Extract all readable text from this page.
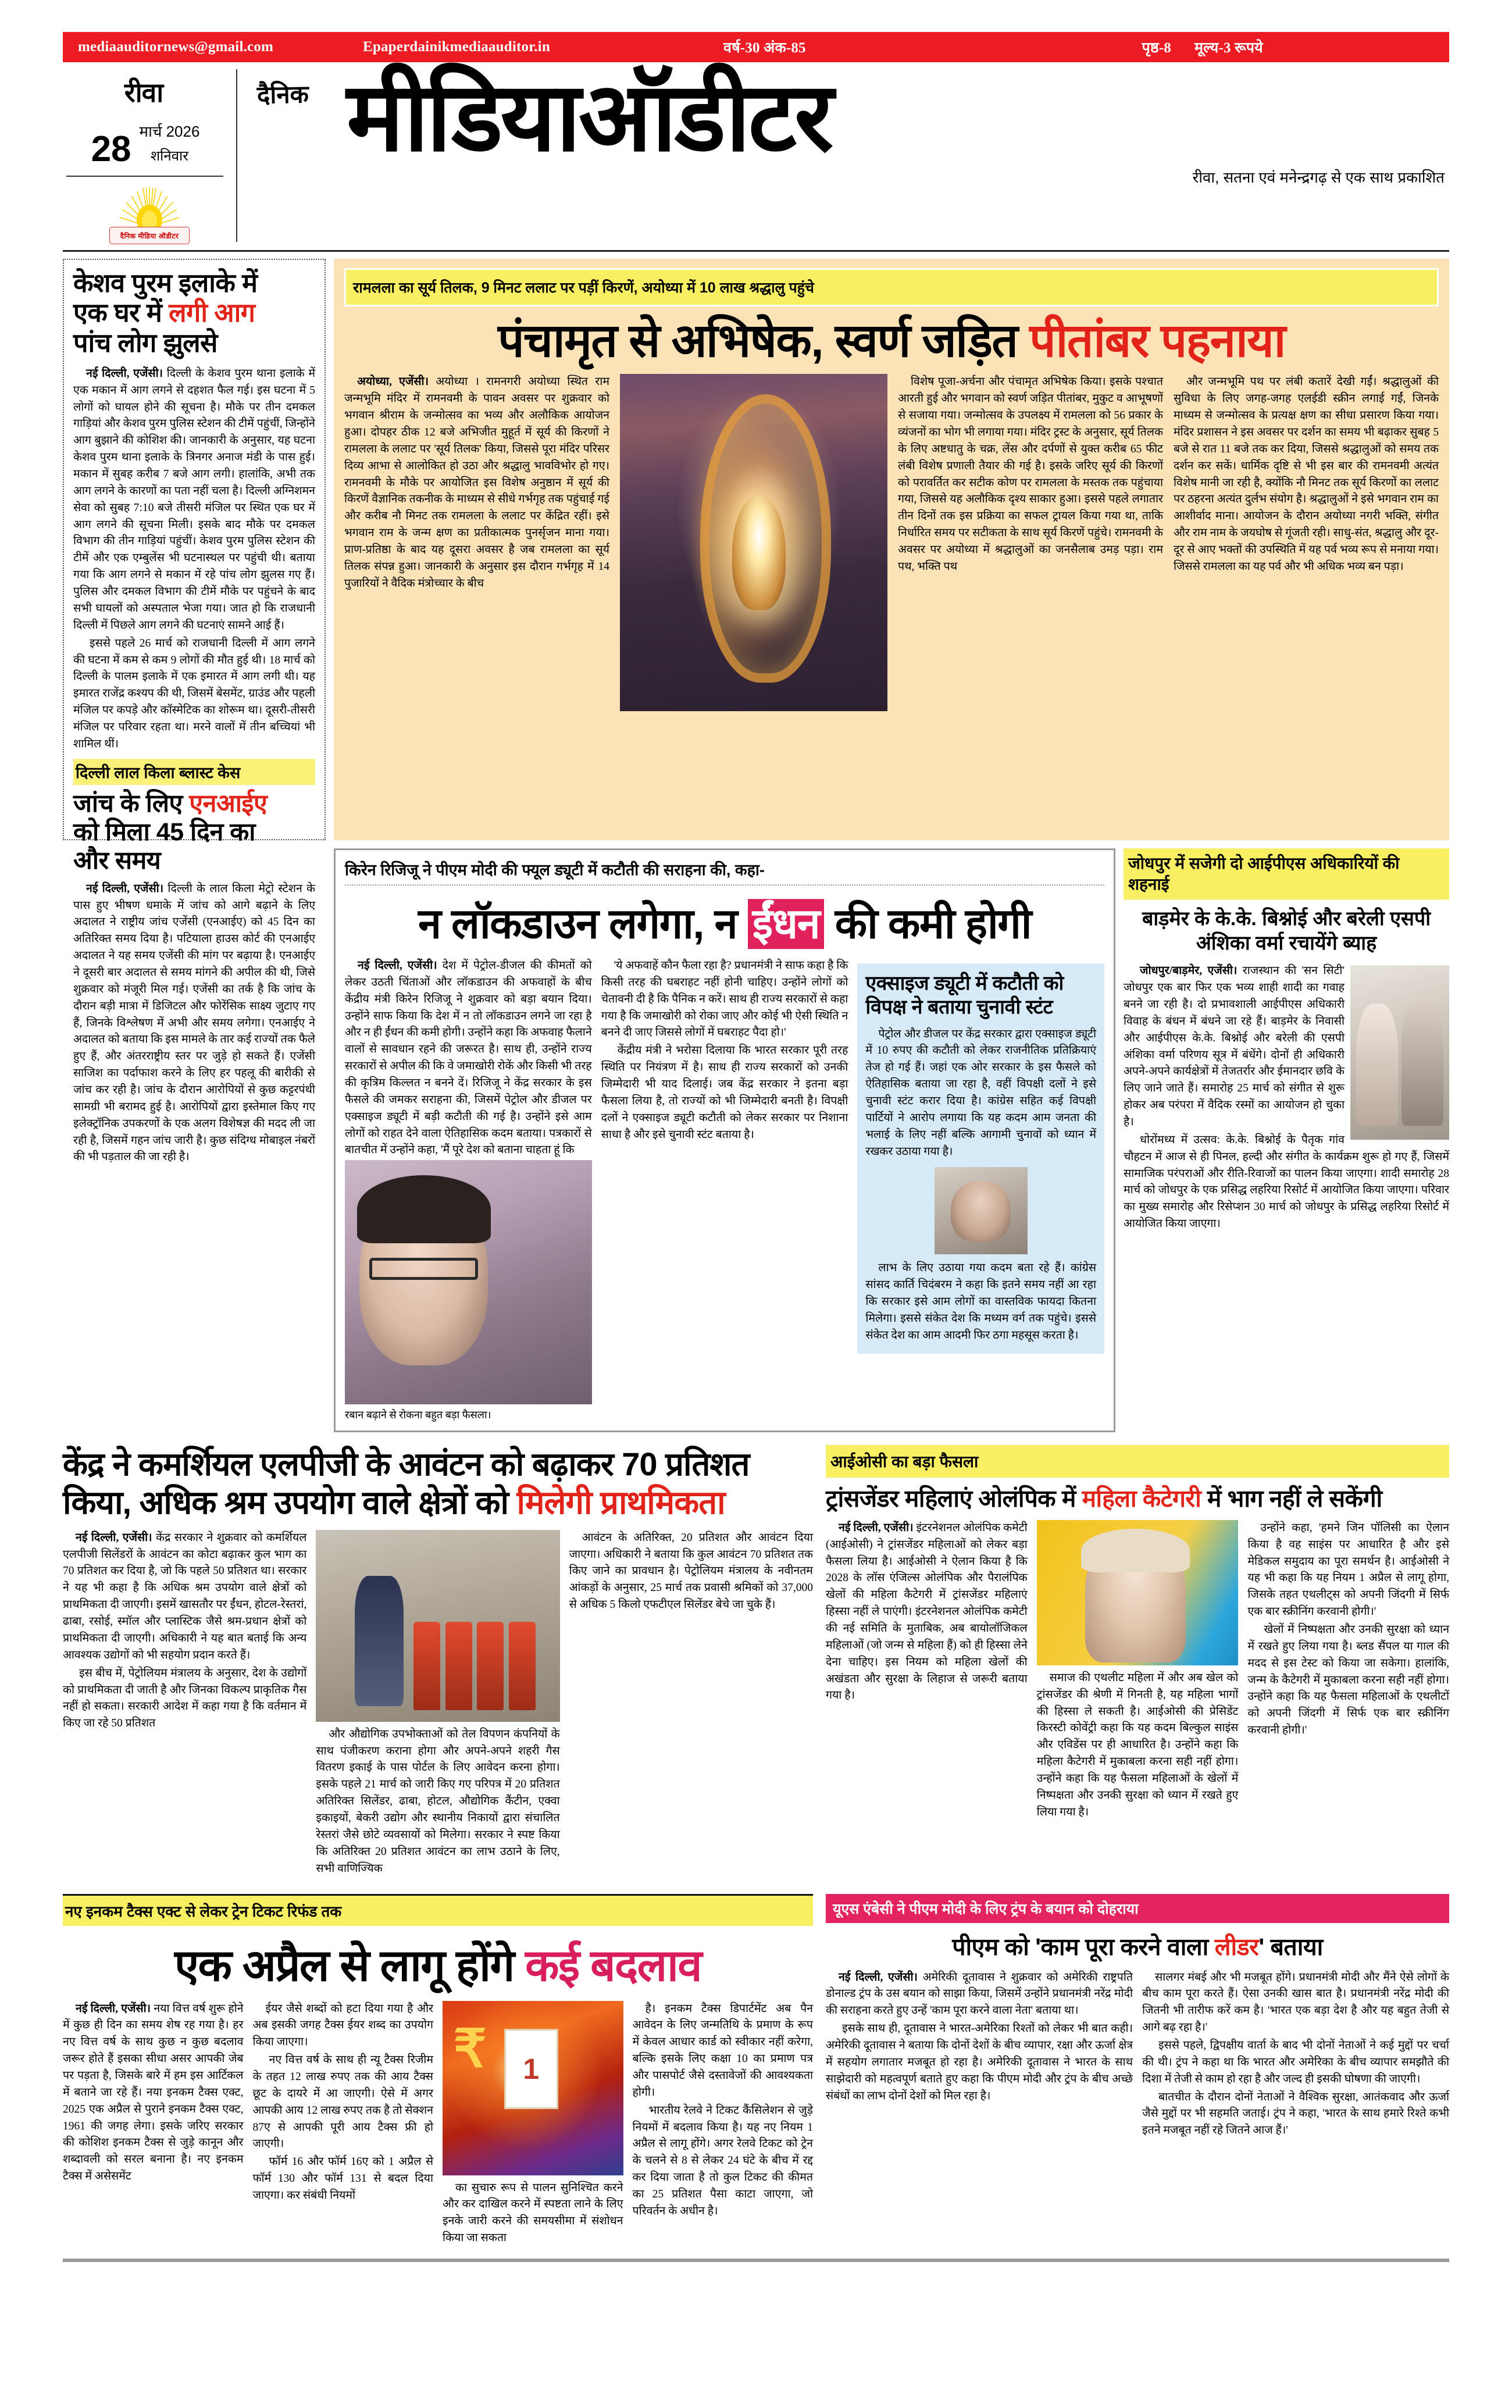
mediaauditornews@gmail.com	Epaperdainikmediaauditor.in	वर्ष-30 अंक-85	पृष्ठ-8 मूल्य-3 रूपये
रीवा
28 मार्च 2026
शनिवार
दैनिक मीडिया ऑडीटर
दैनिक मीडियाऑडीटर
रीवा, सतना एवं मनेन्द्रगढ़ से एक साथ प्रकाशित
केशव पुरम इलाके में
एक घर में लगी आग
पांच लोग झुलसे

नई दिल्ली, एजेंसी। दिल्ली के केशव पुरम थाना इलाके में एक मकान में आग लगने से दहशत फैल गई। इस घटना में 5 लोगों को घायल होने की सूचना है। मौके पर तीन दमकल गाड़ियां और केशव पुरम पुलिस स्टेशन की टीमें पहुंचीं, जिन्होंने आग बुझाने की कोशिश की। जानकारी के अनुसार, यह घटना केशव पुरम थाना इलाके के त्रिनगर अनाज मंडी के पास हुई। मकान में सुबह करीब 7 बजे आग लगी। हालांकि, अभी तक आग लगने के कारणों का पता नहीं चला है। दिल्ली अग्निशमन सेवा को सुबह 7:10 बजे तीसरी मंजिल पर स्थित एक घर में आग लगने की सूचना मिली। इसके बाद मौके पर दमकल विभाग की तीन गाड़ियां पहुंचीं। केशव पुरम पुलिस स्टेशन की टीमें और एक एम्बुलेंस भी घटनास्थल पर पहुंची थी। बताया गया कि आग लगने से मकान में रहे पांच लोग झुलस गए हैं। पुलिस और दमकल विभाग की टीमें मौके पर पहुंचने के बाद सभी घायलों को अस्पताल भेजा गया। जात हो कि राजधानी दिल्ली में पिछले आग लगने की घटनाएं सामने आई हैं।

इससे पहले 26 मार्च को राजधानी दिल्ली में आग लगने की घटना में कम से कम 9 लोगों की मौत हुई थी। 18 मार्च को दिल्ली के पालम इलाके में एक इमारत में आग लगी थी। यह इमारत राजेंद्र कश्यप की थी, जिसमें बेसमेंट, ग्राउंड और पहली मंजिल पर कपड़े और कॉस्मेटिक का शोरूम था। दूसरी-तीसरी मंजिल पर परिवार रहता था। मरने वालों में तीन बच्चियां भी शामिल थीं।

दिल्ली लाल किला ब्लास्ट केस
जांच के लिए एनआईए
को मिला 45 दिन का
और समय

नई दिल्ली, एजेंसी। दिल्ली के लाल किला मेट्रो स्टेशन के पास हुए भीषण धमाके में जांच को आगे बढ़ाने के लिए अदालत ने राष्ट्रीय जांच एजेंसी (एनआईए) को 45 दिन का अतिरिक्त समय दिया है। पटियाला हाउस कोर्ट की एनआईए अदालत ने यह समय एजेंसी की मांग पर बढ़ाया है। एनआईए ने दूसरी बार अदालत से समय मांगने की अपील की थी, जिसे शुक्रवार को मंजूरी मिल गई। एजेंसी का तर्क है कि जांच के दौरान बड़ी मात्रा में डिजिटल और फोरेंसिक साक्ष्य जुटाए गए हैं, जिनके विश्लेषण में अभी और समय लगेगा। एनआईए ने अदालत को बताया कि इस मामले के तार कई राज्यों तक फैले हुए हैं, और अंतरराष्ट्रीय स्तर पर जुड़े हो सकते हैं। एजेंसी साजिश का पर्दाफाश करने के लिए हर पहलू की बारीकी से जांच कर रही है। जांच के दौरान आरोपियों से कुछ कट्टरपंथी सामग्री भी बरामद हुई है। आरोपियों द्वारा इस्तेमाल किए गए इलेक्ट्रॉनिक उपकरणों के एक अलग विशेषज्ञ की मदद ली जा रही है, जिसमें गहन जांच जारी है। कुछ संदिग्ध मोबाइल नंबरों की भी पड़ताल की जा रही है।

रामलला का सूर्य तिलक, 9 मिनट ललाट पर पड़ीं किरणें, अयोध्या में 10 लाख श्रद्धालु पहुंचे
पंचामृत से अभिषेक, स्वर्ण जड़ित पीतांबर पहनाया

अयोध्या, एजेंसी। अयोध्या । रामनगरी अयोध्या स्थित राम जन्मभूमि मंदिर में रामनवमी के पावन अवसर पर शुक्रवार को भगवान श्रीराम के जन्मोत्सव का भव्य और अलौकिक आयोजन हुआ। दोपहर ठीक 12 बजे अभिजीत मुहूर्त में सूर्य की किरणों ने रामलला के ललाट पर 'सूर्य तिलक' किया, जिससे पूरा मंदिर परिसर दिव्य आभा से आलोकित हो उठा और श्रद्धालु भावविभोर हो गए। रामनवमी के मौके पर आयोजित इस विशेष अनुष्ठान में सूर्य की किरणें वैज्ञानिक तकनीक के माध्यम से सीधे गर्भगृह तक पहुंचाई गई और करीब नौ मिनट तक रामलला के ललाट पर केंद्रित रहीं। इसे भगवान राम के जन्म क्षण का प्रतीकात्मक पुनर्सृजन माना गया। प्राण-प्रतिष्ठा के बाद यह दूसरा अवसर है जब रामलला का सूर्य तिलक संपन्न हुआ। जानकारी के अनुसार इस दौरान गर्भगृह में 14 पुजारियों ने वैदिक मंत्रोच्चार के बीच

विशेष पूजा-अर्चना और पंचामृत अभिषेक किया। इसके पश्चात आरती हुई और भगवान को स्वर्ण जड़ित पीतांबर, मुकुट व आभूषणों से सजाया गया। जन्मोत्सव के उपलक्ष्य में रामलला को 56 प्रकार के व्यंजनों का भोग भी लगाया गया। मंदिर ट्रस्ट के अनुसार, सूर्य तिलक के लिए अष्टधातु के चक्र, लेंस और दर्पणों से युक्त करीब 65 फीट लंबी विशेष प्रणाली तैयार की गई है। इसके जरिए सूर्य की किरणों को परावर्तित कर सटीक कोण पर रामलला के मस्तक तक पहुंचाया गया, जिससे यह अलौकिक दृश्य साकार हुआ। इससे पहले लगातार तीन दिनों तक इस प्रक्रिया का सफल ट्रायल किया गया था, ताकि निर्धारित समय पर सटीकता के साथ सूर्य किरणें पहुंचे। रामनवमी के अवसर पर अयोध्या में श्रद्धालुओं का जनसैलाब उमड़ पड़ा। राम पथ, भक्ति पथ

और जन्मभूमि पथ पर लंबी कतारें देखी गईं। श्रद्धालुओं की सुविधा के लिए जगह-जगह एलईडी स्क्रीन लगाई गईं, जिनके माध्यम से जन्मोत्सव के प्रत्यक्ष क्षण का सीधा प्रसारण किया गया। मंदिर प्रशासन ने इस अवसर पर दर्शन का समय भी बढ़ाकर सुबह 5 बजे से रात 11 बजे तक कर दिया, जिससे श्रद्धालुओं को समय तक दर्शन कर सकें। धार्मिक दृष्टि से भी इस बार की रामनवमी अत्यंत विशेष मानी जा रही है, क्योंकि नौ मिनट तक सूर्य किरणों का ललाट पर ठहरना अत्यंत दुर्लभ संयोग है। श्रद्धालुओं ने इसे भगवान राम का आशीर्वाद माना। आयोजन के दौरान अयोध्या नगरी भक्ति, संगीत और राम नाम के जयघोष से गूंजती रही। साधु-संत, श्रद्धालु और दूर-दूर से आए भक्तों की उपस्थिति में यह पर्व भव्य रूप से मनाया गया। जिससे रामलला का यह पर्व और भी अधिक भव्य बन पड़ा।

किरेन रिजिजू ने पीएम मोदी की फ्यूल ड्यूटी में कटौती की सराहना की, कहा-
न लॉकडाउन लगेगा, न ईंधन की कमी होगी

नई दिल्ली, एजेंसी। देश में पेट्रोल-डीजल की कीमतों को लेकर उठती चिंताओं और लॉकडाउन की अफवाहों के बीच केंद्रीय मंत्री किरेन रिजिजू ने शुक्रवार को बड़ा बयान दिया। उन्होंने साफ किया कि देश में न तो लॉकडाउन लगने जा रहा है और न ही ईंधन की कमी होगी। उन्होंने कहा कि अफवाह फैलाने वालों से सावधान रहने की जरूरत है। साथ ही, उन्होंने राज्य सरकारों से अपील की कि वे जमाखोरी रोकें और किसी भी तरह की कृत्रिम किल्लत न बनने दें। रिजिजू ने केंद्र सरकार के इस फैसले की जमकर सराहना की, जिसमें पेट्रोल और डीजल पर एक्साइज ड्यूटी में बड़ी कटौती की गई है। उन्होंने इसे आम लोगों को राहत देने वाला ऐतिहासिक कदम बताया। पत्रकारों से बातचीत में उन्होंने कहा, 'मैं पूरे देश को बताना चाहता हूं कि

रबान बढ़ाने से रोकना बहुत बड़ा फैसला।

'ये अफवाहें कौन फैला रहा है? प्रधानमंत्री ने साफ कहा है कि किसी तरह की घबराहट नहीं होनी चाहिए। उन्होंने लोगों को चेतावनी दी है कि पैनिक न करें। साथ ही राज्य सरकारों से कहा गया है कि जमाखोरी को रोका जाए और कोई भी ऐसी स्थिति न बनने दी जाए जिससे लोगों में घबराहट पैदा हो।'

केंद्रीय मंत्री ने भरोसा दिलाया कि भारत सरकार पूरी तरह स्थिति पर नियंत्रण में है। साथ ही राज्य सरकारों को उनकी जिम्मेदारी भी याद दिलाई। जब केंद्र सरकार ने इतना बड़ा फैसला लिया है, तो राज्यों को भी जिम्मेदारी बनती है। विपक्षी दलों ने एक्साइज ड्यूटी कटौती को लेकर सरकार पर निशाना साधा है और इसे चुनावी स्टंट बताया है।

एक्साइज ड्यूटी में कटौती को विपक्ष ने बताया चुनावी स्टंट

पेट्रोल और डीजल पर केंद्र सरकार द्वारा एक्साइज ड्यूटी में 10 रुपए की कटौती को लेकर राजनीतिक प्रतिक्रियाएं तेज हो गई हैं। जहां एक ओर सरकार के इस फैसले को ऐतिहासिक बताया जा रहा है, वहीं विपक्षी दलों ने इसे चुनावी स्टंट करार दिया है। कांग्रेस सहित कई विपक्षी पार्टियों ने आरोप लगाया कि यह कदम आम जनता की भलाई के लिए नहीं बल्कि आगामी चुनावों को ध्यान में रखकर उठाया गया है।

लाभ के लिए उठाया गया कदम बता रहे हैं। कांग्रेस सांसद कार्ति चिदंबरम ने कहा कि इतने समय नहीं आ रहा कि सरकार इसे आम लोगों का वास्तविक फायदा कितना मिलेगा। इससे संकेत देश कि मध्यम वर्ग तक पहुंचे। इससे संकेत देश का आम आदमी फिर ठगा महसूस करता है।

जोधपुर में सजेगी दो आईपीएस अधिकारियों की शहनाई
बाड़मेर के के.के. बिश्नोई और बरेली एसपी अंशिका वर्मा रचायेंगे ब्याह

जोधपुर/बाड़मेर, एजेंसी। राजस्थान की 'सन सिटी' जोधपुर एक बार फिर एक भव्य शाही शादी का गवाह बनने जा रही है। दो प्रभावशाली आईपीएस अधिकारी विवाह के बंधन में बंधने जा रहे हैं। बाड़मेर के निवासी और आईपीएस के.के. बिश्नोई और बरेली की एसपी अंशिका वर्मा परिणय सूत्र में बंधेंगे। दोनों ही अधिकारी अपने-अपने कार्यक्षेत्रों में तेजतर्रार और ईमानदार छवि के लिए जाने जाते हैं। समारोह 25 मार्च को संगीत से शुरू होकर अब परंपरा में वैदिक रस्मों का आयोजन हो चुका है।

धोरोंमध्य में उत्सव: के.के. बिश्नोई के पैतृक गांव चौहटन में आज से ही पिनल, हल्दी और संगीत के कार्यक्रम शुरू हो गए हैं, जिसमें सामाजिक परंपराओं और रीति-रिवाजों का पालन किया जाएगा। शादी समारोह 28 मार्च को जोधपुर के एक प्रसिद्ध लहरिया रिसोर्ट में आयोजित किया जाएगा। परिवार का मुख्य समारोह और रिसेप्शन 30 मार्च को जोधपुर के प्रसिद्ध लहरिया रिसोर्ट में आयोजित किया जाएगा।

केंद्र ने कमर्शियल एलपीजी के आवंटन को बढ़ाकर 70 प्रतिशत किया, अधिक श्रम उपयोग वाले क्षेत्रों को मिलेगी प्राथमिकता

नई दिल्ली, एजेंसी। केंद्र सरकार ने शुक्रवार को कमर्शियल एलपीजी सिलेंडरों के आवंटन का कोटा बढ़ाकर कुल भाग का 70 प्रतिशत कर दिया है, जो कि पहले 50 प्रतिशत था। सरकार ने यह भी कहा है कि अधिक श्रम उपयोग वाले क्षेत्रों को प्राथमिकता दी जाएगी। इसमें खासतौर पर ईंधन, होटल-रेस्तरां, ढाबा, रसोई, स्मॉल और प्लास्टिक जैसे श्रम-प्रधान क्षेत्रों को प्राथमिकता दी जाएगी। अधिकारी ने यह बात बताई कि अन्य आवश्यक उद्योगों को भी सहयोग प्रदान करते हैं।

इस बीच में, पेट्रोलियम मंत्रालय के अनुसार, देश के उद्योगों को प्राथमिकता दी जाती है और जिनका विकल्प प्राकृतिक गैस नहीं हो सकता। सरकारी आदेश में कहा गया है कि वर्तमान में किए जा रहे 50 प्रतिशत

और औद्योगिक उपभोक्ताओं को तेल विपणन कंपनियों के साथ पंजीकरण कराना होगा और अपने-अपने शहरी गैस वितरण इकाई के पास पोर्टल के लिए आवेदन करना होगा। इसके पहले 21 मार्च को जारी किए गए परिपत्र में 20 प्रतिशत अतिरिक्त सिलेंडर, ढाबा, होटल, औद्योगिक कैंटीन, एक्वा इकाइयों, बेकरी उद्योग और स्थानीय निकायों द्वारा संचालित रेस्तरां जैसे छोटे व्यवसायों को मिलेगा। सरकार ने स्पष्ट किया कि अतिरिक्त 20 प्रतिशत आवंटन का लाभ उठाने के लिए, सभी वाणिज्यिक

आवंटन के अतिरिक्त, 20 प्रतिशत और आवंटन दिया जाएगा। अधिकारी ने बताया कि कुल आवंटन 70 प्रतिशत तक किए जाने का प्रावधान है। पेट्रोलियम मंत्रालय के नवीनतम आंकड़ों के अनुसार, 25 मार्च तक प्रवासी श्रमिकों को 37,000 से अधिक 5 किलो एफटीएल सिलेंडर बेचे जा चुके हैं।

आईओसी का बड़ा फैसला
ट्रांसजेंडर महिलाएं ओलंपिक में महिला कैटेगरी में भाग नहीं ले सकेंगी

नई दिल्ली, एजेंसी। इंटरनेशनल ओलंपिक कमेटी (आईओसी) ने ट्रांसजेंडर महिलाओं को लेकर बड़ा फैसला लिया है। आईओसी ने ऐलान किया है कि 2028 के लॉस एंजिल्स ओलंपिक और पैरालंपिक खेलों की महिला कैटेगरी में ट्रांसजेंडर महिलाएं हिस्सा नहीं ले पाएंगी। इंटरनेशनल ओलंपिक कमेटी की नई समिति के मुताबिक, अब बायोलॉजिकल महिलाओं (जो जन्म से महिला हैं) को ही हिस्सा लेने देना चाहिए। इस नियम को महिला खेलों की अखंडता और सुरक्षा के लिहाज से जरूरी बताया गया है।

समाज की एथलीट महिला में और अब खेल को ट्रांसजेंडर की श्रेणी में गिनती है, यह महिला भागों की हिस्सा ले सकती है। आईओसी की प्रेसिडेंट किरस्टी कोवेंट्री कहा कि यह कदम बिल्कुल साइंस और एविडेंस पर ही आधारित है। उन्होंने कहा कि महिला कैटेगरी में मुकाबला करना सही नहीं होगा। उन्होंने कहा कि यह फैसला महिलाओं के खेलों में निष्पक्षता और उनकी सुरक्षा को ध्यान में रखते हुए लिया गया है।

उन्होंने कहा, 'हमने जिन पॉलिसी का ऐलान किया है वह साइंस पर आधारित है और इसे मेडिकल समुदाय का पूरा समर्थन है। आईओसी ने यह भी कहा कि यह नियम 1 अप्रैल से लागू होगा, जिसके तहत एथलीट्स को अपनी जिंदगी में सिर्फ एक बार स्क्रीनिंग करवानी होगी।'

खेलों में निष्पक्षता और उनकी सुरक्षा को ध्यान में रखते हुए लिया गया है। ब्लड सैंपल या गाल की मदद से इस टेस्ट को किया जा सकेगा। हालांकि, जन्म के कैटेगरी में मुकाबला करना सही नहीं होगा। उन्होंने कहा कि यह फैसला महिलाओं के एथलीटों को अपनी जिंदगी में सिर्फ एक बार स्क्रीनिंग करवानी होगी।'

नए इनकम टैक्स एक्ट से लेकर ट्रेन टिकट रिफंड तक
एक अप्रैल से लागू होंगे कई बदलाव

नई दिल्ली, एजेंसी। नया वित्त वर्ष शुरू होने में कुछ ही दिन का समय शेष रह गया है। हर नए वित्त वर्ष के साथ कुछ न कुछ बदलाव जरूर होते हैं इसका सीधा असर आपकी जेब पर पड़ता है, जिसके बारे में हम इस आर्टिकल में बताने जा रहे हैं। नया इनकम टैक्स एक्ट, 2025 एक अप्रैल से पुराने इनकम टैक्स एक्ट, 1961 की जगह लेगा। इसके जरिए सरकार की कोशिश इनकम टैक्स से जुड़े कानून और शब्दावली को सरल बनाना है। नए इनकम टैक्स में असेसमेंट

ईयर जैसे शब्दों को हटा दिया गया है और अब इसकी जगह टैक्स ईयर शब्द का उपयोग किया जाएगा।

नए वित्त वर्ष के साथ ही न्यू टैक्स रिजीम के तहत 12 लाख रुपए तक की आय टैक्स छूट के दायरे में आ जाएगी। ऐसे में अगर आपकी आय 12 लाख रुपए तक है तो सेक्शन 87ए से आपकी पूरी आय टैक्स फ्री हो जाएगी।

फॉर्म 16 और फॉर्म 16ए को 1 अप्रैल से फॉर्म 130 और फॉर्म 131 से बदल दिया जाएगा। कर संबंधी नियमों

₹	1

का सुचारु रूप से पालन सुनिश्चित करने और कर दाखिल करने में स्पष्टता लाने के लिए इनके जारी करने की समयसीमा में संशोधन किया जा सकता

है। इनकम टैक्स डिपार्टमेंट अब पैन आवेदन के लिए जन्मतिथि के प्रमाण के रूप में केवल आधार कार्ड को स्वीकार नहीं करेगा, बल्कि इसके लिए कक्षा 10 का प्रमाण पत्र और पासपोर्ट जैसे दस्तावेजों की आवश्यकता होगी।

भारतीय रेलवे ने टिकट कैंसिलेशन से जुड़े नियमों में बदलाव किया है। यह नए नियम 1 अप्रैल से लागू होंगे। अगर रेलवे टिकट को ट्रेन के चलने से 8 से लेकर 24 घंटे के बीच में रद्द कर दिया जाता है तो कुल टिकट की कीमत का 25 प्रतिशत पैसा काटा जाएगा, जो परिवर्तन के अधीन है।

यूएस एंबेसी ने पीएम मोदी के लिए ट्रंप के बयान को दोहराया
पीएम को 'काम पूरा करने वाला लीडर' बताया

नई दिल्ली, एजेंसी। अमेरिकी दूतावास ने शुक्रवार को अमेरिकी राष्ट्रपति डोनाल्ड ट्रंप के उस बयान को साझा किया, जिसमें उन्होंने प्रधानमंत्री नरेंद्र मोदी की सराहना करते हुए उन्हें 'काम पूरा करने वाला नेता' बताया था।

इसके साथ ही, दूतावास ने भारत-अमेरिका रिश्तों को लेकर भी बात कही। अमेरिकी दूतावास ने बताया कि दोनों देशों के बीच व्यापार, रक्षा और ऊर्जा क्षेत्र में सहयोग लगातार मजबूत हो रहा है। अमेरिकी दूतावास ने भारत के साथ साझेदारी को महत्वपूर्ण बताते हुए कहा कि पीएम मोदी और ट्रंप के बीच अच्छे संबंधों का लाभ दोनों देशों को मिल रहा है।

सालगर मंबई और भी मजबूत होंगे। प्रधानमंत्री मोदी और मैंने ऐसे लोगों के बीच काम पूरा करते हैं। ऐसा उनकी खास बात है। प्रधानमंत्री नरेंद्र मोदी की जितनी भी तारीफ करें कम है। 'भारत एक बड़ा देश है और यह बहुत तेजी से आगे बढ़ रहा है।'

इससे पहले, द्विपक्षीय वार्ता के बाद भी दोनों नेताओं ने कई मुद्दों पर चर्चा की थी। ट्रंप ने कहा था कि भारत और अमेरिका के बीच व्यापार समझौते की दिशा में तेजी से काम हो रहा है और जल्द ही इसकी घोषणा की जाएगी।

बातचीत के दौरान दोनों नेताओं ने वैश्विक सुरक्षा, आतंकवाद और ऊर्जा जैसे मुद्दों पर भी सहमति जताई। ट्रंप ने कहा, 'भारत के साथ हमारे रिश्ते कभी इतने मजबूत नहीं रहे जितने आज हैं।'
